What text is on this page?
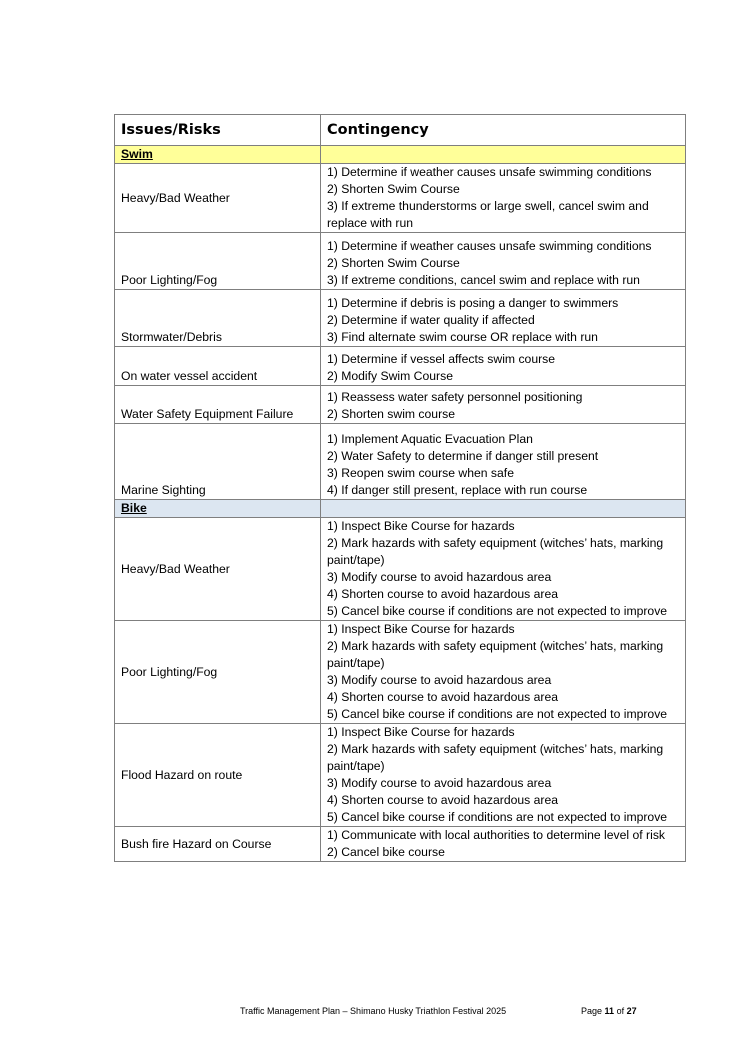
Issues/Risks	Contingency
Swim	
Heavy/Bad Weather	1) Determine if weather causes unsafe swimming conditions
2) Shorten Swim Course
3) If extreme thunderstorms or large swell, cancel swim and replace with run

Poor Lighting/Fog	1) Determine if weather causes unsafe swimming conditions
2) Shorten Swim Course
3) If extreme conditions, cancel swim and replace with run

Stormwater/Debris	1) Determine if debris is posing a danger to swimmers
2) Determine if water quality if affected
3) Find alternate swim course OR replace with run

On water vessel accident	1) Determine if vessel affects swim course
2) Modify Swim Course

Water Safety Equipment Failure	1) Reassess water safety personnel positioning
2) Shorten swim course

Marine Sighting	1) Implement Aquatic Evacuation Plan
2) Water Safety to determine if danger still present
3) Reopen swim course when safe
4) If danger still present, replace with run course

Bike	
Heavy/Bad Weather	1) Inspect Bike Course for hazards
2) Mark hazards with safety equipment (witches’ hats, marking paint/tape)
3) Modify course to avoid hazardous area
4) Shorten course to avoid hazardous area
5) Cancel bike course if conditions are not expected to improve

Poor Lighting/Fog	1) Inspect Bike Course for hazards
2) Mark hazards with safety equipment (witches’ hats, marking paint/tape)
3) Modify course to avoid hazardous area
4) Shorten course to avoid hazardous area
5) Cancel bike course if conditions are not expected to improve

Flood Hazard on route	1) Inspect Bike Course for hazards
2) Mark hazards with safety equipment (witches’ hats, marking paint/tape)
3) Modify course to avoid hazardous area
4) Shorten course to avoid hazardous area
5) Cancel bike course if conditions are not expected to improve

Bush fire Hazard on Course	1) Communicate with local authorities to determine level of risk
2) Cancel bike course
Traffic Management Plan – Shimano Husky Triathlon Festival 2025	Page 11 of 27
